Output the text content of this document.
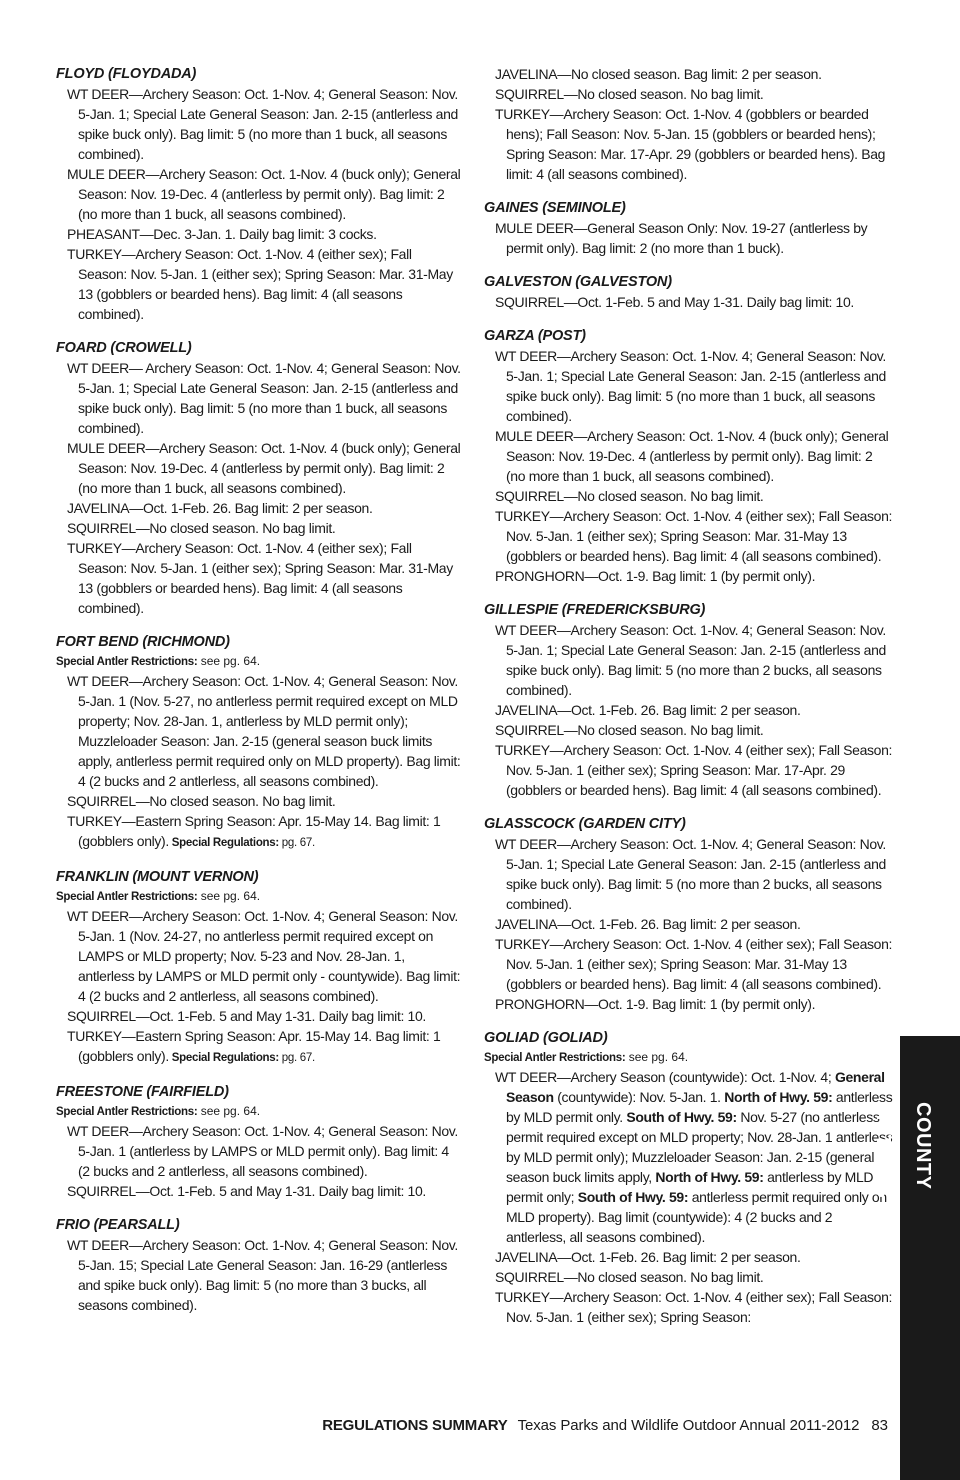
FLOYD (FLOYDADA)
WT DEER—Archery Season: Oct. 1-Nov. 4; General Season: Nov. 5-Jan. 1; Special Late General Season: Jan. 2-15 (antlerless and spike buck only). Bag limit: 5 (no more than 1 buck, all seasons combined).
MULE DEER—Archery Season: Oct. 1-Nov. 4 (buck only); General Season: Nov. 19-Dec. 4 (antlerless by permit only). Bag limit: 2 (no more than 1 buck, all seasons combined).
PHEASANT—Dec. 3-Jan. 1. Daily bag limit: 3 cocks.
TURKEY—Archery Season: Oct. 1-Nov. 4 (either sex); Fall Season: Nov. 5-Jan. 1 (either sex); Spring Season: Mar. 31-May 13 (gobblers or bearded hens). Bag limit: 4 (all seasons combined).
FOARD (CROWELL)
WT DEER— Archery Season: Oct. 1-Nov. 4; General Season: Nov. 5-Jan. 1; Special Late General Season: Jan. 2-15 (antlerless and spike buck only). Bag limit: 5 (no more than 1 buck, all seasons combined).
MULE DEER—Archery Season: Oct. 1-Nov. 4 (buck only); General Season: Nov. 19-Dec. 4 (antlerless by permit only). Bag limit: 2 (no more than 1 buck, all seasons combined).
JAVELINA—Oct. 1-Feb. 26. Bag limit: 2 per season.
SQUIRREL—No closed season. No bag limit.
TURKEY—Archery Season: Oct. 1-Nov. 4 (either sex); Fall Season: Nov. 5-Jan. 1 (either sex); Spring Season: Mar. 31-May 13 (gobblers or bearded hens). Bag limit: 4 (all seasons combined).
FORT BEND (RICHMOND)
Special Antler Restrictions: see pg. 64.
WT DEER—Archery Season: Oct. 1-Nov. 4; General Season: Nov. 5-Jan. 1 (Nov. 5-27, no antlerless permit required except on MLD property; Nov. 28-Jan. 1, antlerless by MLD permit only); Muzzleloader Season: Jan. 2-15 (general season buck limits apply, antlerless permit required only on MLD property). Bag limit: 4 (2 bucks and 2 antlerless, all seasons combined).
SQUIRREL—No closed season. No bag limit.
TURKEY—Eastern Spring Season: Apr. 15-May 14. Bag limit: 1 (gobblers only). Special Regulations: pg. 67.
FRANKLIN (MOUNT VERNON)
Special Antler Restrictions: see pg. 64.
WT DEER—Archery Season: Oct. 1-Nov. 4; General Season: Nov. 5-Jan. 1 (Nov. 24-27, no antlerless permit required except on LAMPS or MLD property; Nov. 5-23 and Nov. 28-Jan. 1, antlerless by LAMPS or MLD permit only - countywide). Bag limit: 4 (2 bucks and 2 antlerless, all seasons combined).
SQUIRREL—Oct. 1-Feb. 5 and May 1-31. Daily bag limit: 10.
TURKEY—Eastern Spring Season: Apr. 15-May 14. Bag limit: 1 (gobblers only). Special Regulations: pg. 67.
FREESTONE (FAIRFIELD)
Special Antler Restrictions: see pg. 64.
WT DEER—Archery Season: Oct. 1-Nov. 4; General Season: Nov. 5-Jan. 1 (antlerless by LAMPS or MLD permit only). Bag limit: 4 (2 bucks and 2 antlerless, all seasons combined).
SQUIRREL—Oct. 1-Feb. 5 and May 1-31. Daily bag limit: 10.
FRIO (PEARSALL)
WT DEER—Archery Season: Oct. 1-Nov. 4; General Season: Nov. 5-Jan. 15; Special Late General Season: Jan. 16-29 (antlerless and spike buck only). Bag limit: 5 (no more than 3 bucks, all seasons combined).
JAVELINA—No closed season. Bag limit: 2 per season.
SQUIRREL—No closed season. No bag limit.
TURKEY—Archery Season: Oct. 1-Nov. 4 (gobblers or bearded hens); Fall Season: Nov. 5-Jan. 15 (gobblers or bearded hens); Spring Season: Mar. 17-Apr. 29 (gobblers or bearded hens). Bag limit: 4 (all seasons combined).
GAINES (SEMINOLE)
MULE DEER—General Season Only: Nov. 19-27 (antlerless by permit only). Bag limit: 2 (no more than 1 buck).
GALVESTON (GALVESTON)
SQUIRREL—Oct. 1-Feb. 5 and May 1-31. Daily bag limit: 10.
GARZA (POST)
WT DEER—Archery Season: Oct. 1-Nov. 4; General Season: Nov. 5-Jan. 1; Special Late General Season: Jan. 2-15 (antlerless and spike buck only). Bag limit: 5 (no more than 1 buck, all seasons combined).
MULE DEER—Archery Season: Oct. 1-Nov. 4 (buck only); General Season: Nov. 19-Dec. 4 (antlerless by permit only). Bag limit: 2 (no more than 1 buck, all seasons combined).
SQUIRREL—No closed season. No bag limit.
TURKEY—Archery Season: Oct. 1-Nov. 4 (either sex); Fall Season: Nov. 5-Jan. 1 (either sex); Spring Season: Mar. 31-May 13 (gobblers or bearded hens). Bag limit: 4 (all seasons combined).
PRONGHORN—Oct. 1-9. Bag limit: 1 (by permit only).
GILLESPIE (FREDERICKSBURG)
WT DEER—Archery Season: Oct. 1-Nov. 4; General Season: Nov. 5-Jan. 1; Special Late General Season: Jan. 2-15 (antlerless and spike buck only). Bag limit: 5 (no more than 2 bucks, all seasons combined).
JAVELINA—Oct. 1-Feb. 26. Bag limit: 2 per season.
SQUIRREL—No closed season. No bag limit.
TURKEY—Archery Season: Oct. 1-Nov. 4 (either sex); Fall Season: Nov. 5-Jan. 1 (either sex); Spring Season: Mar. 17-Apr. 29 (gobblers or bearded hens). Bag limit: 4 (all seasons combined).
GLASSCOCK (GARDEN CITY)
WT DEER—Archery Season: Oct. 1-Nov. 4; General Season: Nov. 5-Jan. 1; Special Late General Season: Jan. 2-15 (antlerless and spike buck only). Bag limit: 5 (no more than 2 bucks, all seasons combined).
JAVELINA—Oct. 1-Feb. 26. Bag limit: 2 per season.
TURKEY—Archery Season: Oct. 1-Nov. 4 (either sex); Fall Season: Nov. 5-Jan. 1 (either sex); Spring Season: Mar. 31-May 13 (gobblers or bearded hens). Bag limit: 4 (all seasons combined).
PRONGHORN—Oct. 1-9. Bag limit: 1 (by permit only).
GOLIAD (GOLIAD)
Special Antler Restrictions: see pg. 64.
WT DEER—Archery Season (countywide): Oct. 1-Nov. 4; General Season (countywide): Nov. 5-Jan. 1. North of Hwy. 59: antlerless by MLD permit only. South of Hwy. 59: Nov. 5-27 (no antlerless permit required except on MLD property; Nov. 28-Jan. 1 antlerless by MLD permit only); Muzzleloader Season: Jan. 2-15 (general season buck limits apply, North of Hwy. 59: antlerless by MLD permit only; South of Hwy. 59: antlerless permit required only on MLD property). Bag limit (countywide): 4 (2 bucks and 2 antlerless, all seasons combined).
JAVELINA—Oct. 1-Feb. 26. Bag limit: 2 per season.
SQUIRREL—No closed season. No bag limit.
TURKEY—Archery Season: Oct. 1-Nov. 4 (either sex); Fall Season: Nov. 5-Jan. 1 (either sex); Spring Season:
COUNTY LISTINGS
REGULATIONS SUMMARY Texas Parks and Wildlife Outdoor Annual 2011-2012 83
